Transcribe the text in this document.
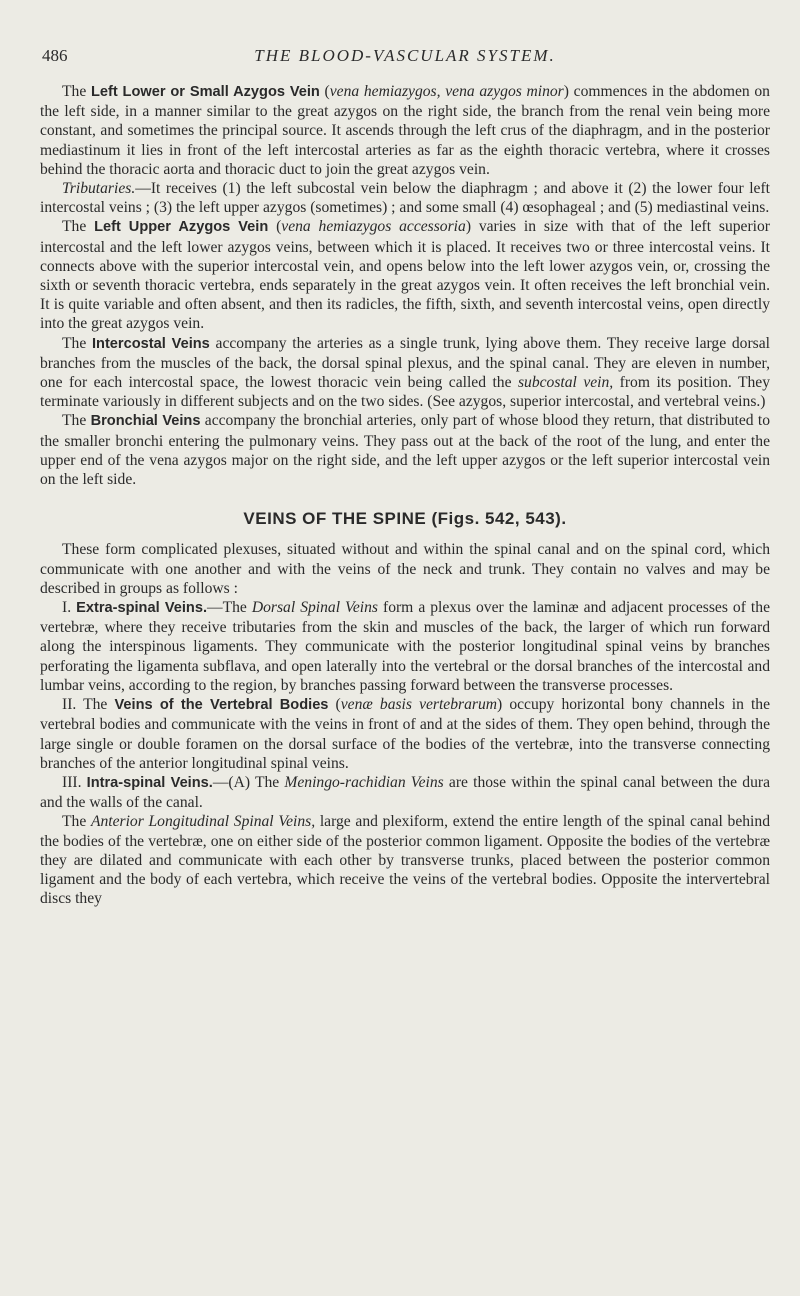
486	THE BLOOD-VASCULAR SYSTEM.

The Left Lower or Small Azygos Vein (vena hemiazygos, vena azygos minor) commences in the abdomen on the left side, in a manner similar to the great azygos on the right side, the branch from the renal vein being more constant, and sometimes the principal source. It ascends through the left crus of the diaphragm, and in the posterior mediastinum it lies in front of the left intercostal arteries as far as the eighth thoracic vertebra, where it crosses behind the thoracic aorta and thoracic duct to join the great azygos vein.

Tributaries.—It receives (1) the left subcostal vein below the diaphragm ; and above it (2) the lower four left intercostal veins ; (3) the left upper azygos (sometimes) ; and some small (4) œsophageal ; and (5) mediastinal veins.

The Left Upper Azygos Vein (vena hemiazygos accessoria) varies in size with that of the left superior intercostal and the left lower azygos veins, between which it is placed. It receives two or three intercostal veins. It connects above with the superior intercostal vein, and opens below into the left lower azygos vein, or, crossing the sixth or seventh thoracic vertebra, ends separately in the great azygos vein. It often receives the left bronchial vein. It is quite variable and often absent, and then its radicles, the fifth, sixth, and seventh intercostal veins, open directly into the great azygos vein.

The Intercostal Veins accompany the arteries as a single trunk, lying above them. They receive large dorsal branches from the muscles of the back, the dorsal spinal plexus, and the spinal canal. They are eleven in number, one for each intercostal space, the lowest thoracic vein being called the subcostal vein, from its position. They terminate variously in different subjects and on the two sides. (See azygos, superior intercostal, and vertebral veins.)

The Bronchial Veins accompany the bronchial arteries, only part of whose blood they return, that distributed to the smaller bronchi entering the pulmonary veins. They pass out at the back of the root of the lung, and enter the upper end of the vena azygos major on the right side, and the left upper azygos or the left superior intercostal vein on the left side.

VEINS OF THE SPINE (Figs. 542, 543).

These form complicated plexuses, situated without and within the spinal canal and on the spinal cord, which communicate with one another and with the veins of the neck and trunk. They contain no valves and may be described in groups as follows :

I. Extra-spinal Veins.—The Dorsal Spinal Veins form a plexus over the laminæ and adjacent processes of the vertebræ, where they receive tributaries from the skin and muscles of the back, the larger of which run forward along the interspinous ligaments. They communicate with the posterior longitudinal spinal veins by branches perforating the ligamenta subflava, and open laterally into the vertebral or the dorsal branches of the intercostal and lumbar veins, according to the region, by branches passing forward between the transverse processes.

II. The Veins of the Vertebral Bodies (venæ basis vertebrarum) occupy horizontal bony channels in the vertebral bodies and communicate with the veins in front of and at the sides of them. They open behind, through the large single or double foramen on the dorsal surface of the bodies of the vertebræ, into the transverse connecting branches of the anterior longitudinal spinal veins.

III. Intra-spinal Veins.—(A) The Meningo-rachidian Veins are those within the spinal canal between the dura and the walls of the canal.

The Anterior Longitudinal Spinal Veins, large and plexiform, extend the entire length of the spinal canal behind the bodies of the vertebræ, one on either side of the posterior common ligament. Opposite the bodies of the vertebræ they are dilated and communicate with each other by transverse trunks, placed between the posterior common ligament and the body of each vertebra, which receive the veins of the vertebral bodies. Opposite the intervertebral discs they
